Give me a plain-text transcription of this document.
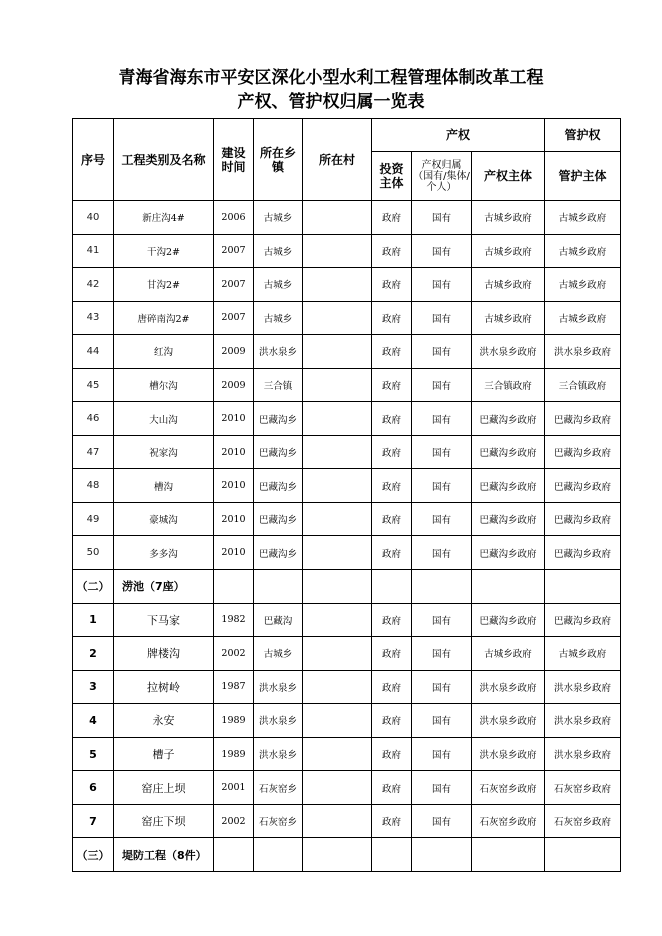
青海省海东市平安区深化小型水利工程管理体制改革工程
产权、管护权归属一览表
序号	工程类别及名称	建设时间	所在乡镇	所在村	产权			管护权

					投资主体	产权归属（国有/集体/个人）	产权主体	管护主体
40	新庄沟4#	2006	古城乡		政府	国有	古城乡政府	古城乡政府
41	干沟2#	2007	古城乡		政府	国有	古城乡政府	古城乡政府
42	甘沟2#	2007	古城乡		政府	国有	古城乡政府	古城乡政府
43	唐碎南沟2#	2007	古城乡		政府	国有	古城乡政府	古城乡政府
44	红沟	2009	洪水泉乡		政府	国有	洪水泉乡政府	洪水泉乡政府
45	槽尔沟	2009	三合镇		政府	国有	三合镇政府	三合镇政府
46	大山沟	2010	巴藏沟乡		政府	国有	巴藏沟乡政府	巴藏沟乡政府
47	祝家沟	2010	巴藏沟乡		政府	国有	巴藏沟乡政府	巴藏沟乡政府
48	槽沟	2010	巴藏沟乡		政府	国有	巴藏沟乡政府	巴藏沟乡政府
49	豪城沟	2010	巴藏沟乡		政府	国有	巴藏沟乡政府	巴藏沟乡政府
50	多多沟	2010	巴藏沟乡		政府	国有	巴藏沟乡政府	巴藏沟乡政府
（二）	涝池（7座）							
1	下马家	1982	巴藏沟		政府	国有	巴藏沟乡政府	巴藏沟乡政府
2	牌楼沟	2002	古城乡		政府	国有	古城乡政府	古城乡政府
3	拉树岭	1987	洪水泉乡		政府	国有	洪水泉乡政府	洪水泉乡政府
4	永安	1989	洪水泉乡		政府	国有	洪水泉乡政府	洪水泉乡政府
5	槽子	1989	洪水泉乡		政府	国有	洪水泉乡政府	洪水泉乡政府
6	窑庄上坝	2001	石灰窑乡		政府	国有	石灰窑乡政府	石灰窑乡政府
7	窑庄下坝	2002	石灰窑乡		政府	国有	石灰窑乡政府	石灰窑乡政府
（三）	堤防工程（8件）							
